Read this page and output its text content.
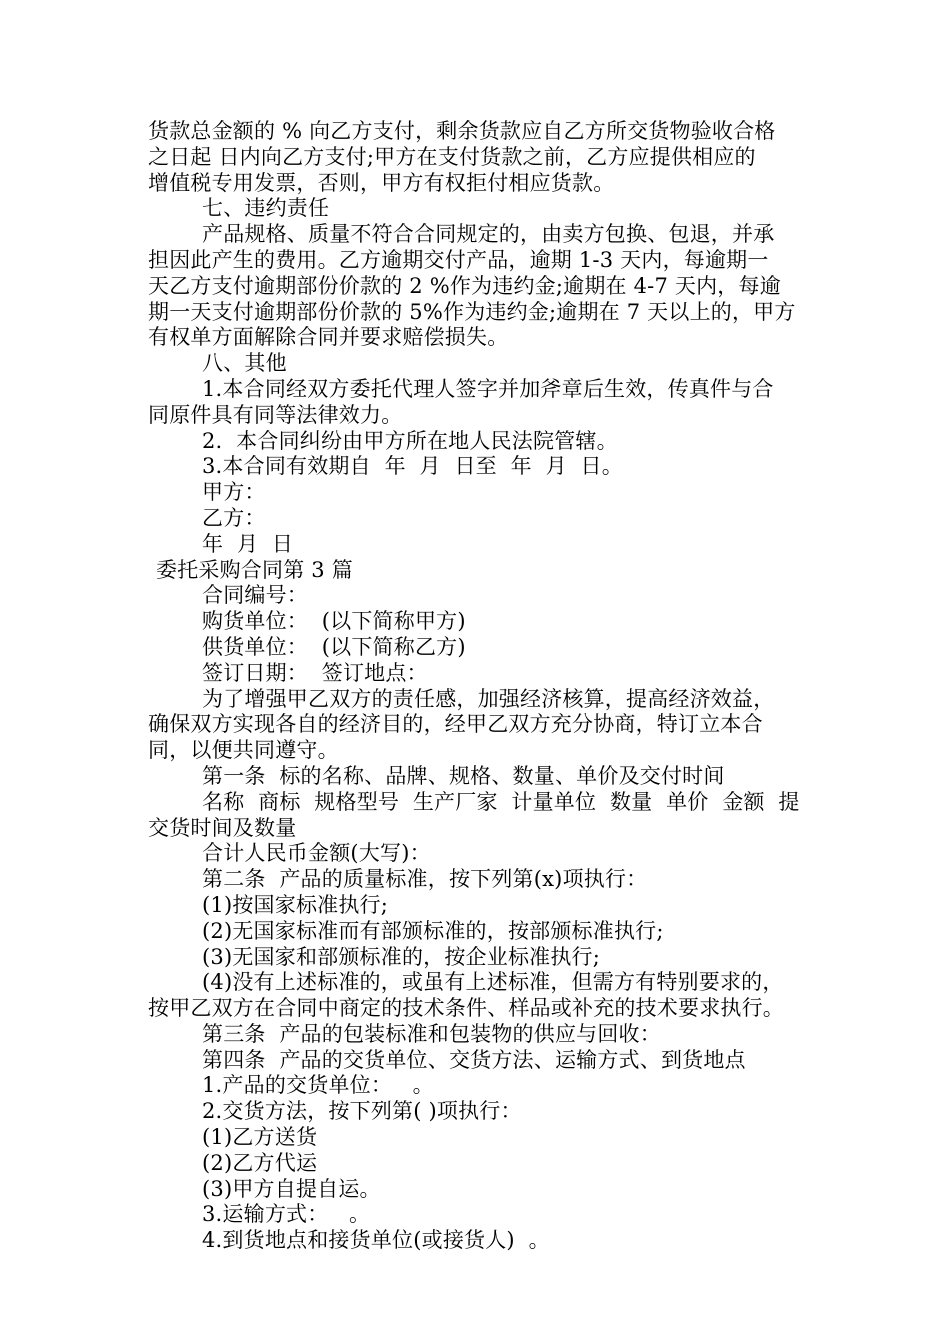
货款总金额的 % 向乙方支付，剩余货款应自乙方所交货物验收合格

之日起 日内向乙方支付;甲方在支付货款之前，乙方应提供相应的

增值税专用发票，否则，甲方有权拒付相应货款。

七、违约责任

产品规格、质量不符合合同规定的，由卖方包换、包退，并承

担因此产生的费用。乙方逾期交付产品，逾期 1-3 天内，每逾期一

天乙方支付逾期部份价款的 2 %作为违约金;逾期在 4-7 天内，每逾

期一天支付逾期部份价款的 5%作为违约金;逾期在 7 天以上的，甲方

有权单方面解除合同并要求赔偿损失。

八、其他

1.本合同经双方委托代理人签字并加斧章后生效，传真件与合

同原件具有同等法律效力。

2.  本合同纠纷由甲方所在地人民法院管辖。

3.本合同有效期自  年  月  日至  年  月  日。

甲方：

乙方：

年  月  日

委托采购合同第 3 篇

合同编号：

购货单位：  (以下简称甲方)

供货单位：  (以下简称乙方)

签订日期：  签订地点：

为了增强甲乙双方的责任感，加强经济核算，提高经济效益，

确保双方实现各自的经济目的，经甲乙双方充分协商，特订立本合

同，以便共同遵守。

第一条  标的名称、品牌、规格、数量、单价及交付时间

名称  商标  规格型号  生产厂家  计量单位  数量  单价  金额  提

交货时间及数量

合计人民币金额(大写)：

第二条  产品的质量标准，按下列第(x)项执行：

(1)按国家标准执行;

(2)无国家标准而有部颁标准的，按部颁标准执行;

(3)无国家和部颁标准的，按企业标准执行;

(4)没有上述标准的，或虽有上述标准，但需方有特别要求的，

按甲乙双方在合同中商定的技术条件、样品或补充的技术要求执行。

第三条  产品的包装标准和包装物的供应与回收：

第四条  产品的交货单位、交货方法、运输方式、到货地点

1.产品的交货单位：   。

2.交货方法，按下列第( )项执行：

(1)乙方送货

(2)乙方代运

(3)甲方自提自运。

3.运输方式：   。

4.到货地点和接货单位(或接货人)  。
